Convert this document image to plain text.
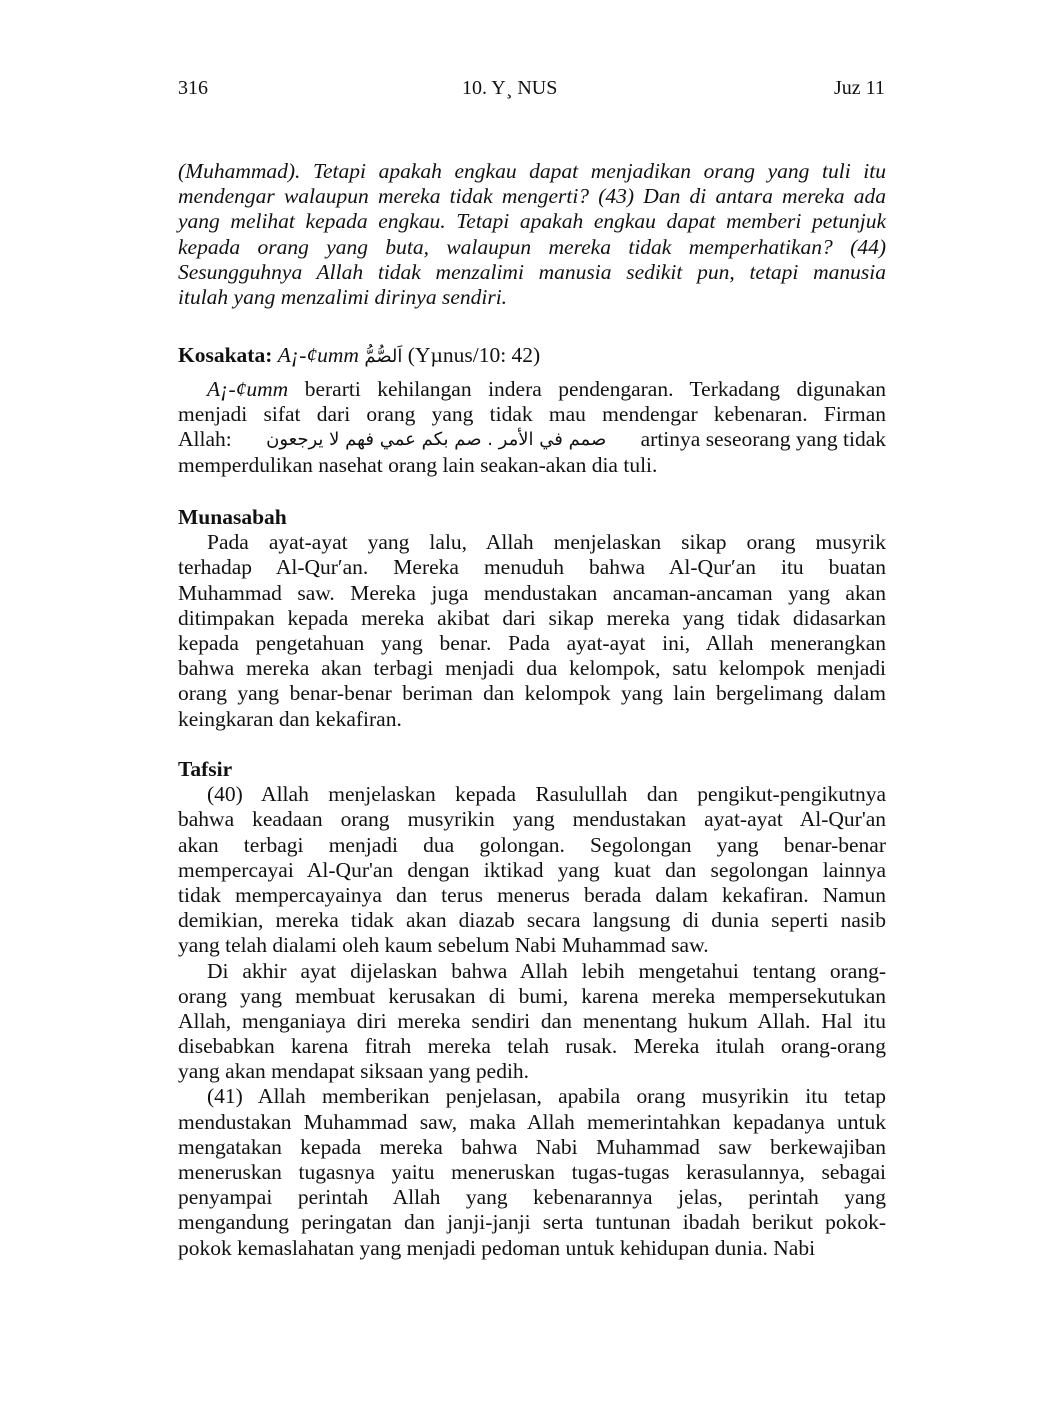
316	10. Y¸ NUS	Juz 11
(Muhammad). Tetapi apakah engkau dapat menjadikan orang yang tuli itu
mendengar walaupun mereka tidak mengerti? (43) Dan di antara mereka ada
yang melihat kepada engkau. Tetapi apakah engkau dapat memberi petunjuk
kepada orang yang buta, walaupun mereka tidak memperhatikan? (44)
Sesungguhnya Allah tidak menzalimi manusia sedikit pun, tetapi manusia
itulah yang menzalimi dirinya sendiri.
Kosakata: A¡-¢umm اَلصُّمُّ (Yµnus/10: 42)
A¡-¢umm berarti kehilangan indera pendengaran. Terkadang digunakan
menjadi sifat dari orang yang tidak mau mendengar kebenaran. Firman
Allah: صمم في الأمر . صم بكم عمي فهم لا يرجعون artinya seseorang yang tidak
memperdulikan nasehat orang lain seakan-akan dia tuli.
Munasabah
Pada ayat-ayat yang lalu, Allah menjelaskan sikap orang musyrik
terhadap Al-Qur′an. Mereka menuduh bahwa Al-Qur′an itu buatan
Muhammad saw. Mereka juga mendustakan ancaman-ancaman yang akan
ditimpakan kepada mereka akibat dari sikap mereka yang tidak didasarkan
kepada pengetahuan yang benar. Pada ayat-ayat ini, Allah menerangkan
bahwa mereka akan terbagi menjadi dua kelompok, satu kelompok menjadi
orang yang benar-benar beriman dan kelompok yang lain bergelimang dalam
keingkaran dan kekafiran.
Tafsir
(40) Allah menjelaskan kepada Rasulullah dan pengikut-pengikutnya
bahwa keadaan orang musyrikin yang mendustakan ayat-ayat Al-Qur'an
akan terbagi menjadi dua golongan. Segolongan yang benar-benar
mempercayai Al-Qur'an dengan iktikad yang kuat dan segolongan lainnya
tidak mempercayainya dan terus menerus berada dalam kekafiran. Namun
demikian, mereka tidak akan diazab secara langsung di dunia seperti nasib
yang telah dialami oleh kaum sebelum Nabi Muhammad saw.
Di akhir ayat dijelaskan bahwa Allah lebih mengetahui tentang orang-
orang yang membuat kerusakan di bumi, karena mereka mempersekutukan
Allah, menganiaya diri mereka sendiri dan menentang hukum Allah. Hal itu
disebabkan karena fitrah mereka telah rusak. Mereka itulah orang-orang
yang akan mendapat siksaan yang pedih.
(41) Allah memberikan penjelasan, apabila orang musyrikin itu tetap
mendustakan Muhammad saw, maka Allah memerintahkan kepadanya untuk
mengatakan kepada mereka bahwa Nabi Muhammad saw berkewajiban
meneruskan tugasnya yaitu meneruskan tugas-tugas kerasulannya, sebagai
penyampai perintah Allah yang kebenarannya jelas, perintah yang
mengandung peringatan dan janji-janji serta tuntunan ibadah berikut pokok-
pokok kemaslahatan yang menjadi pedoman untuk kehidupan dunia. Nabi
